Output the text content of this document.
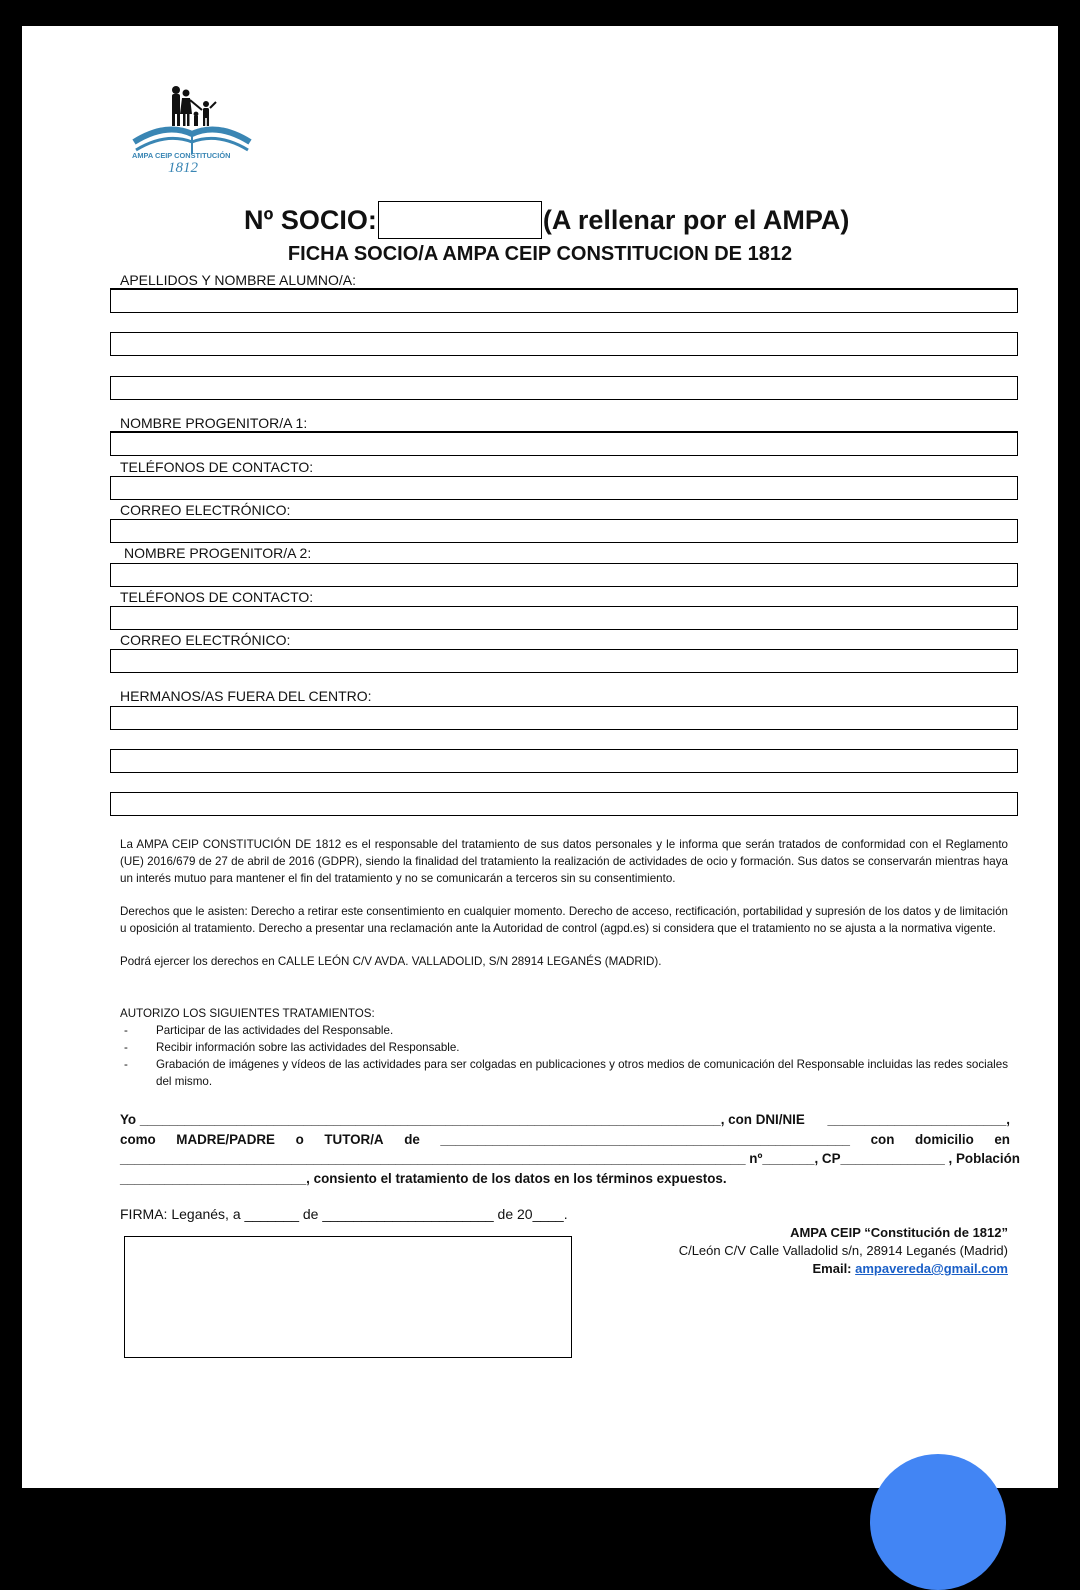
AMPA CEIP CONSTITUCIÓN
1812
Nº SOCIO:	(A rellenar por el AMPA)
FICHA SOCIO/A AMPA CEIP CONSTITUCION DE 1812
APELLIDOS Y NOMBRE ALUMNO/A:
NOMBRE PROGENITOR/A 1:
TELÉFONOS DE CONTACTO:
CORREO ELECTRÓNICO:
NOMBRE PROGENITOR/A 2:
TELÉFONOS DE CONTACTO:
CORREO ELECTRÓNICO:
HERMANOS/AS FUERA DEL CENTRO:

La AMPA CEIP CONSTITUCIÓN DE 1812 es el responsable del tratamiento de sus datos personales y le informa que serán tratados de conformidad con el Reglamento (UE) 2016/679 de 27 de abril de 2016 (GDPR), siendo la finalidad del tratamiento la realización de actividades de ocio y formación. Sus datos se conservarán mientras haya un interés mutuo para mantener el fin del tratamiento y no se comunicarán a terceros sin su consentimiento.

Derechos que le asisten: Derecho a retirar este consentimiento en cualquier momento. Derecho de acceso, rectificación, portabilidad y supresión de los datos y de limitación u oposición al tratamiento. Derecho a presentar una reclamación ante la Autoridad de control (agpd.es) si considera que el tratamiento no se ajusta a la normativa vigente.

Podrá ejercer los derechos en CALLE LEÓN C/V AVDA. VALLADOLID, S/N 28914 LEGANÉS (MADRID).

AUTORIZO LOS SIGUIENTES TRATAMIENTOS:
- Participar de las actividades del Responsable.
- Recibir información sobre las actividades del Responsable.
- Grabación de imágenes y vídeos de las actividades para ser colgadas en publicaciones y otros medios de comunicación del Responsable incluidas las redes sociales del mismo.
Yo ______________________________________________________________________________, con DNI/NIE ________________________,
como MADRE/PADRE o TUTOR/A de _______________________________________________________ con domicilio en
____________________________________________________________________________________ nº_______, CP ______________ , Población
_________________________, consiento el tratamiento de los datos en los términos expuestos.
FIRMA: Leganés, a _______ de ______________________ de 20____.
AMPA CEIP “Constitución de 1812”
C/León C/V Calle Valladolid s/n, 28914 Leganés (Madrid)
Email: ampavereda@gmail.com
